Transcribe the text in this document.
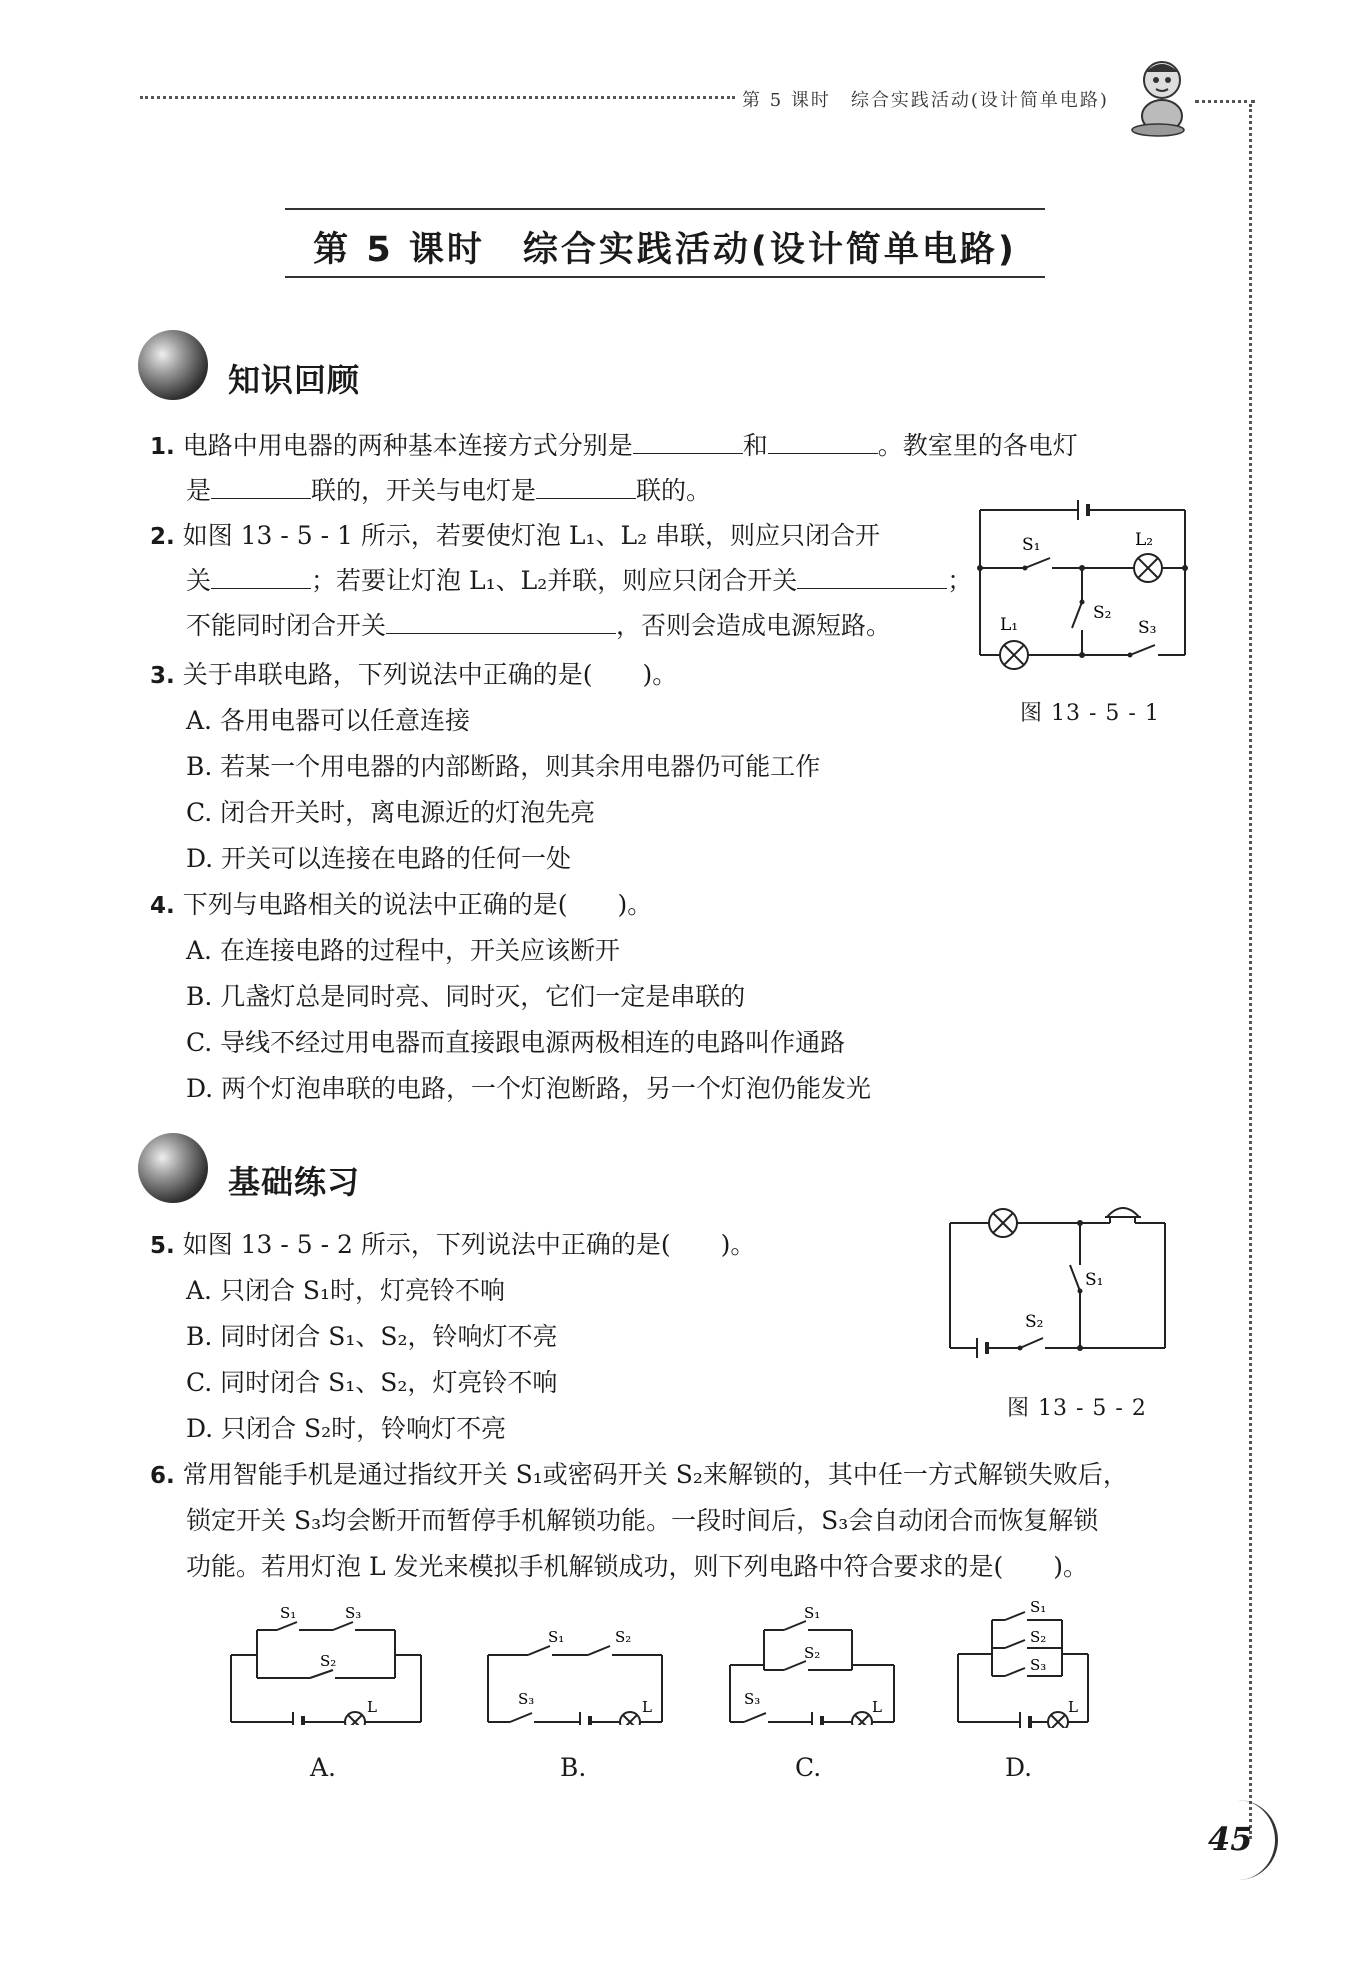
第 5 课时　综合实践活动(设计简单电路)
第 5 课时　综合实践活动(设计简单电路)
知识回顾
1. 电路中用电器的两种基本连接方式分别是	和	。教室里的各电灯
是	联的，开关与电灯是	联的。
2. 如图 13 - 5 - 1 所示，若要使灯泡 L₁、L₂ 串联，则应只闭合开
关	；若要让灯泡 L₁、L₂并联，则应只闭合开关	；
不能同时闭合开关	，否则会造成电源短路。
S₁	L₂
S₂
S₃
L₁
图 13 - 5 - 1
3. 关于串联电路，下列说法中正确的是(　　)。
A. 各用电器可以任意连接
B. 若某一个用电器的内部断路，则其余用电器仍可能工作
C. 闭合开关时，离电源近的灯泡先亮
D. 开关可以连接在电路的任何一处
4. 下列与电路相关的说法中正确的是(　　)。
A. 在连接电路的过程中，开关应该断开
B. 几盏灯总是同时亮、同时灭，它们一定是串联的
C. 导线不经过用电器而直接跟电源两极相连的电路叫作通路
D. 两个灯泡串联的电路，一个灯泡断路，另一个灯泡仍能发光
基础练习
5. 如图 13 - 5 - 2 所示，下列说法中正确的是(　　)。
A. 只闭合 S₁时，灯亮铃不响
B. 同时闭合 S₁、S₂，铃响灯不亮
C. 同时闭合 S₁、S₂，灯亮铃不响
D. 只闭合 S₂时，铃响灯不亮
S₁
S₂
图 13 - 5 - 2
6. 常用智能手机是通过指纹开关 S₁或密码开关 S₂来解锁的，其中任一方式解锁失败后，
锁定开关 S₃均会断开而暂停手机解锁功能。一段时间后，S₃会自动闭合而恢复解锁
功能。若用灯泡 L 发光来模拟手机解锁成功，则下列电路中符合要求的是(　　)。
S₁	S₃
S₂
L
S₁	S₂
S₃	L
S₁
S₂
S₃	L
S₁
S₂
S₃
L
A.	B.	C.	D.
45
